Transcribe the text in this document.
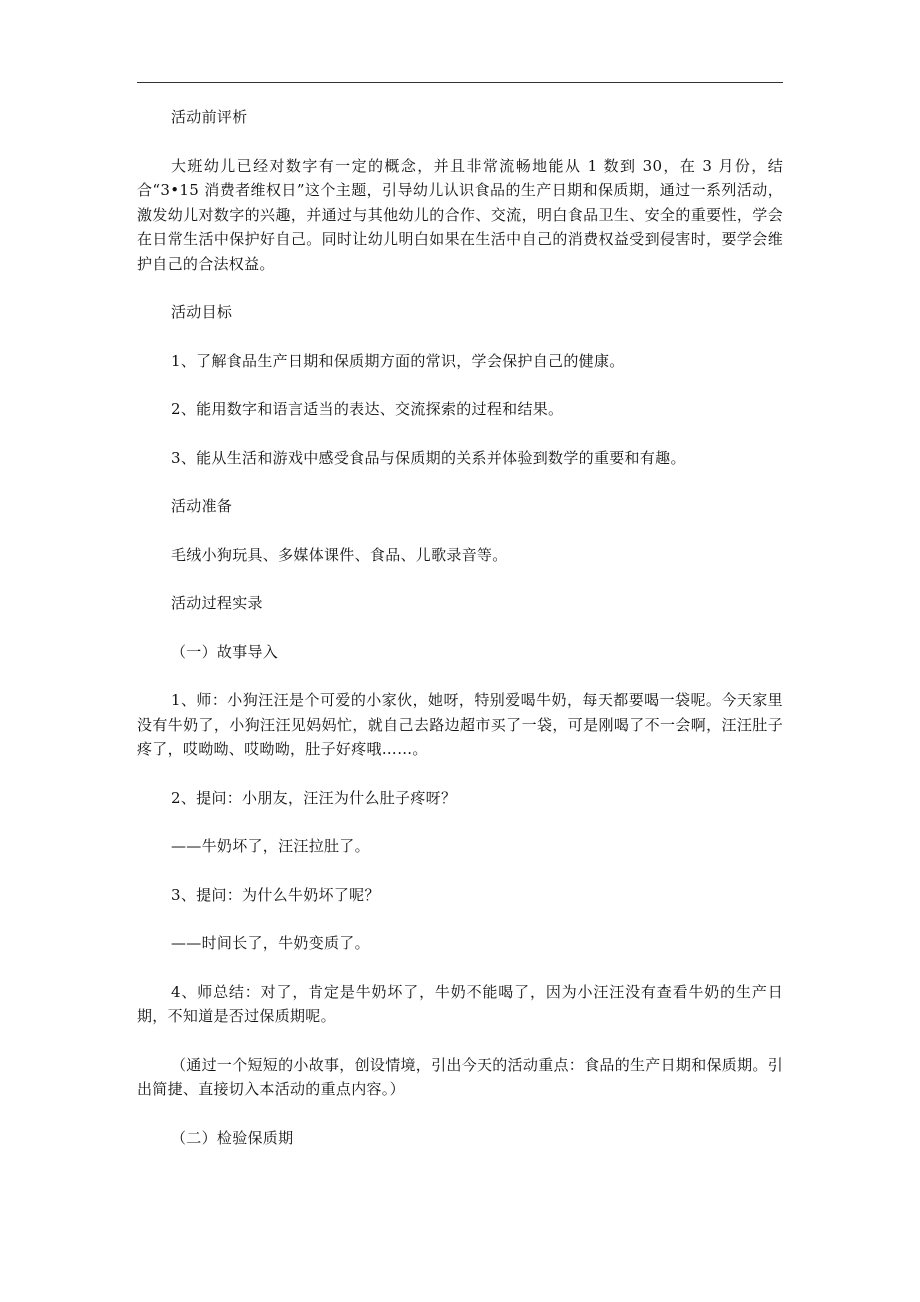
活动前评析

大班幼儿已经对数字有一定的概念，并且非常流畅地能从 1 数到 30，在 3 月份，结合“3•15 消费者维权日”这个主题，引导幼儿认识食品的生产日期和保质期，通过一系列活动，激发幼儿对数字的兴趣，并通过与其他幼儿的合作、交流，明白食品卫生、安全的重要性，学会在日常生活中保护好自己。同时让幼儿明白如果在生活中自己的消费权益受到侵害时，要学会维护自己的合法权益。

活动目标

1、了解食品生产日期和保质期方面的常识，学会保护自己的健康。

2、能用数字和语言适当的表达、交流探索的过程和结果。

3、能从生活和游戏中感受食品与保质期的关系并体验到数学的重要和有趣。

活动准备

毛绒小狗玩具、多媒体课件、食品、儿歌录音等。

活动过程实录

（一）故事导入

1、师：小狗汪汪是个可爱的小家伙，她呀，特别爱喝牛奶，每天都要喝一袋呢。今天家里没有牛奶了，小狗汪汪见妈妈忙，就自己去路边超市买了一袋，可是刚喝了不一会啊，汪汪肚子疼了，哎呦呦、哎呦呦，肚子好疼哦……。

2、提问：小朋友，汪汪为什么肚子疼呀？

——牛奶坏了，汪汪拉肚了。

3、提问：为什么牛奶坏了呢？

——时间长了，牛奶变质了。

4、师总结：对了，肯定是牛奶坏了，牛奶不能喝了，因为小汪汪没有查看牛奶的生产日期，不知道是否过保质期呢。

（通过一个短短的小故事，创设情境，引出今天的活动重点：食品的生产日期和保质期。引出简捷、直接切入本活动的重点内容。）

（二）检验保质期
